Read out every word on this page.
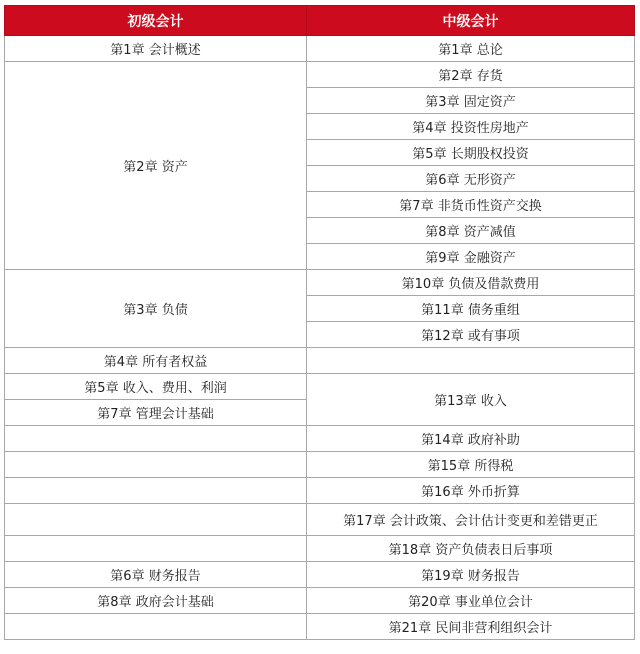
初级会计	中级会计
第1章 会计概述	第1章 总论
第2章 资产	第2章 存货
	第3章 固定资产
	第4章 投资性房地产
	第5章 长期股权投资
	第6章 无形资产
	第7章 非货币性资产交换
	第8章 资产减值
	第9章 金融资产
第3章 负债	第10章 负债及借款费用
	第11章 债务重组
	第12章 或有事项
第4章 所有者权益	
第5章 收入、费用、利润	第13章 收入
第7章 管理会计基础	
	第14章 政府补助
	第15章 所得税
	第16章 外币折算
	第17章 会计政策、会计估计变更和差错更正
	第18章 资产负债表日后事项
第6章 财务报告	第19章 财务报告
第8章 政府会计基础	第20章 事业单位会计
	第21章 民间非营利组织会计
